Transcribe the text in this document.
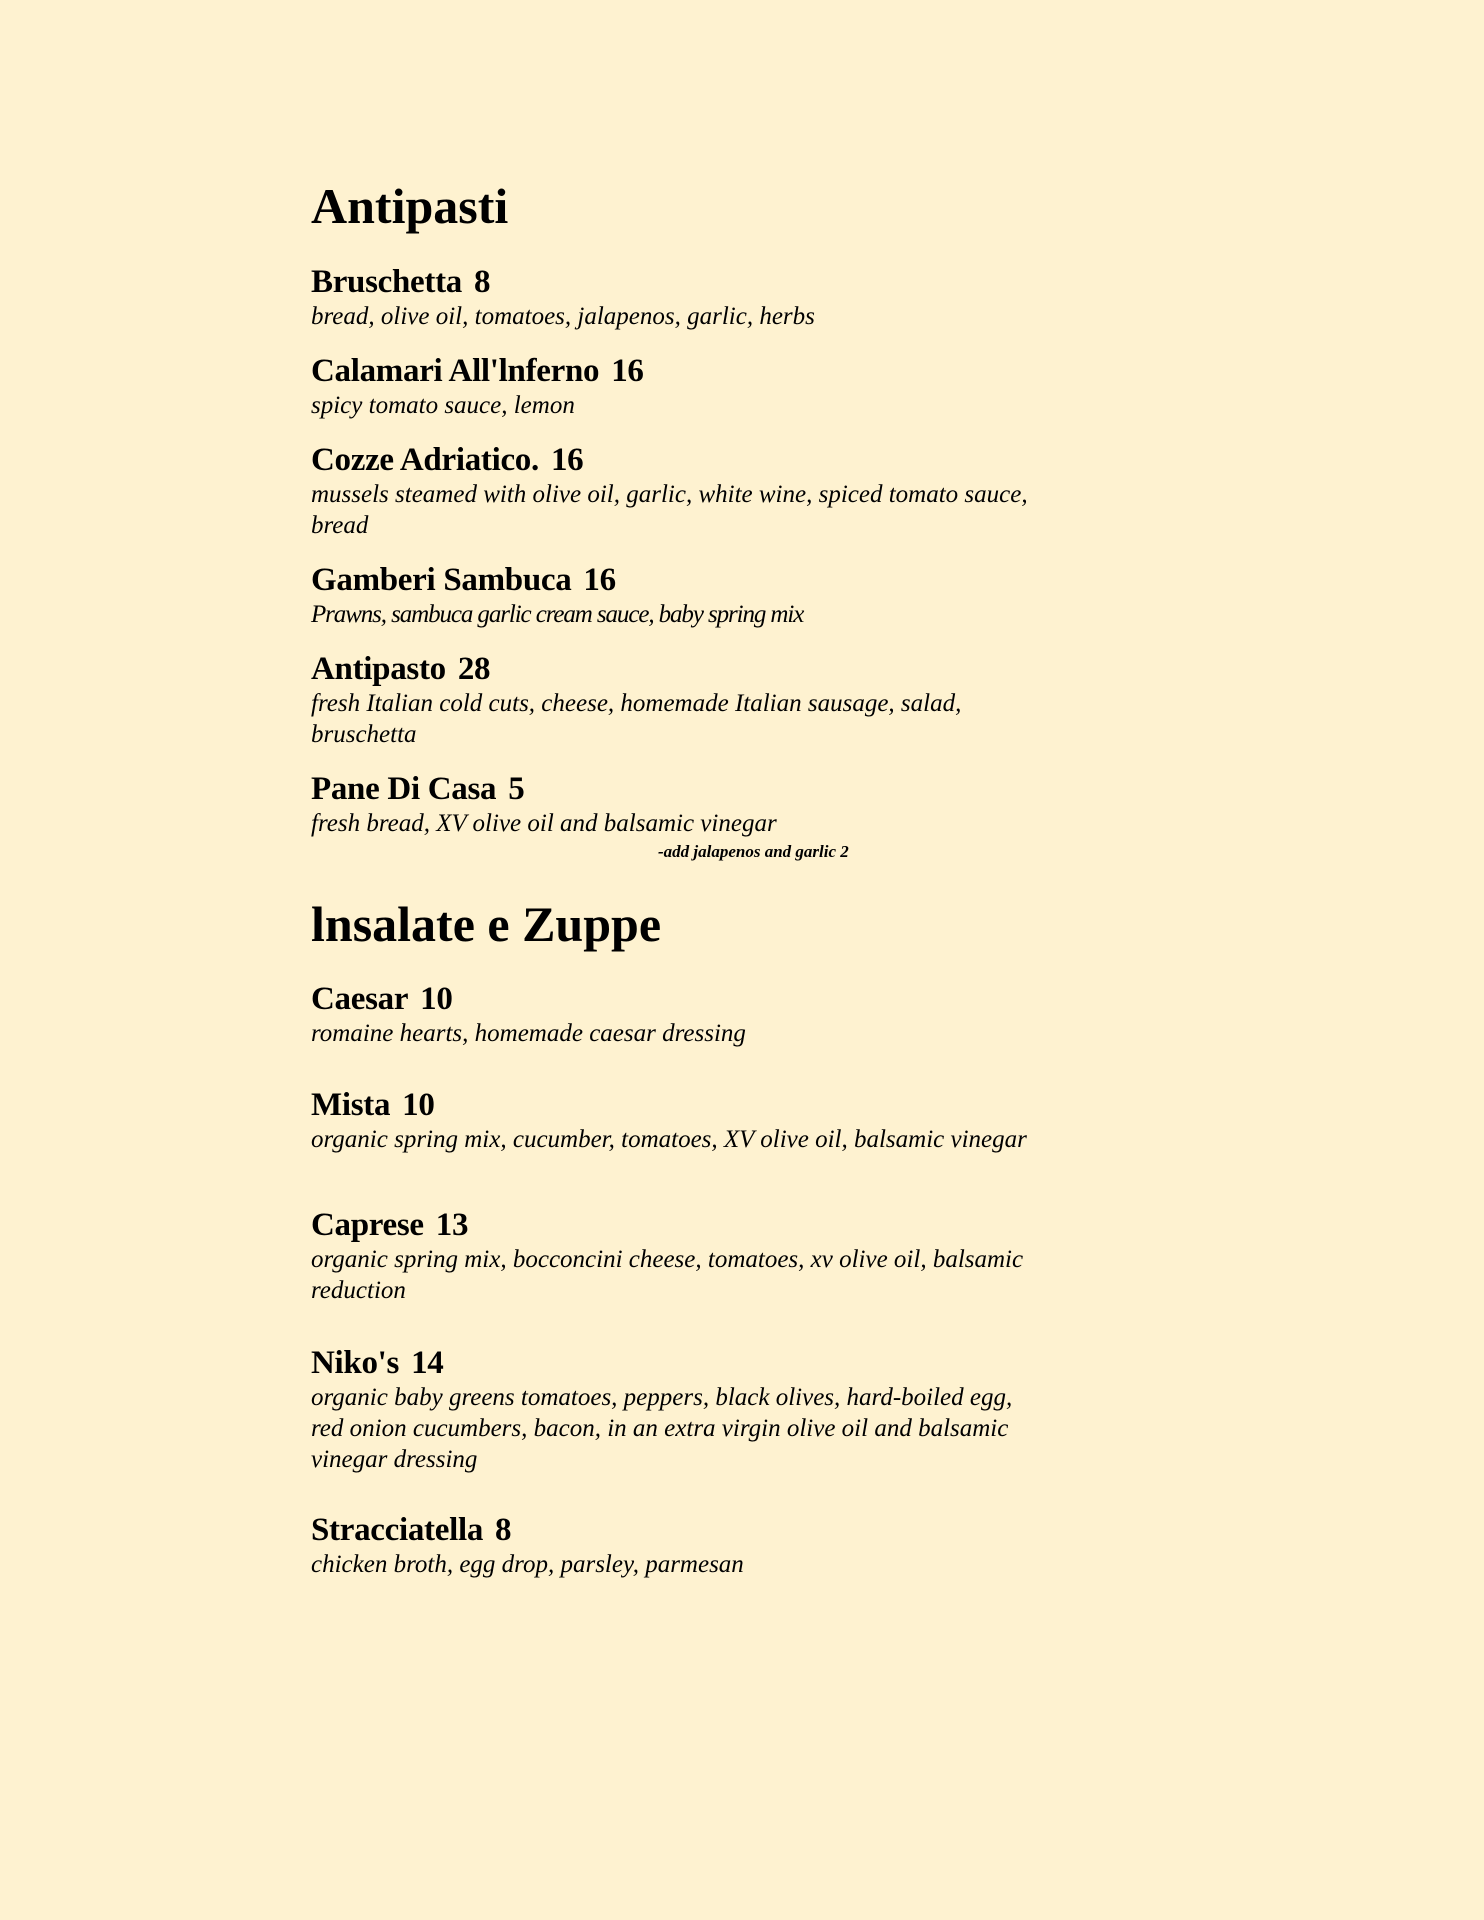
Antipasti
Bruschetta 8
bread, olive oil, tomatoes, jalapenos, garlic, herbs
Calamari All'lnferno 16
spicy tomato sauce, lemon
Cozze Adriatico. 16
mussels steamed with olive oil, garlic, white wine, spiced tomato sauce, bread
Gamberi Sambuca 16
Prawns, sambuca garlic cream sauce, baby spring mix
Antipasto 28
fresh Italian cold cuts, cheese, homemade Italian sausage, salad, bruschetta
Pane Di Casa 5
fresh bread, XV olive oil and balsamic vinegar
-add jalapenos and garlic 2
lnsalate e Zuppe
Caesar 10
romaine hearts, homemade caesar dressing
Mista 10
organic spring mix, cucumber, tomatoes, XV olive oil, balsamic vinegar
Caprese 13
organic spring mix, bocconcini cheese, tomatoes, xv olive oil, balsamic reduction
Niko's 14
organic baby greens tomatoes, peppers, black olives, hard-boiled egg, red onion cucumbers, bacon, in an extra virgin olive oil and balsamic vinegar dressing
Stracciatella 8
chicken broth, egg drop, parsley, parmesan
